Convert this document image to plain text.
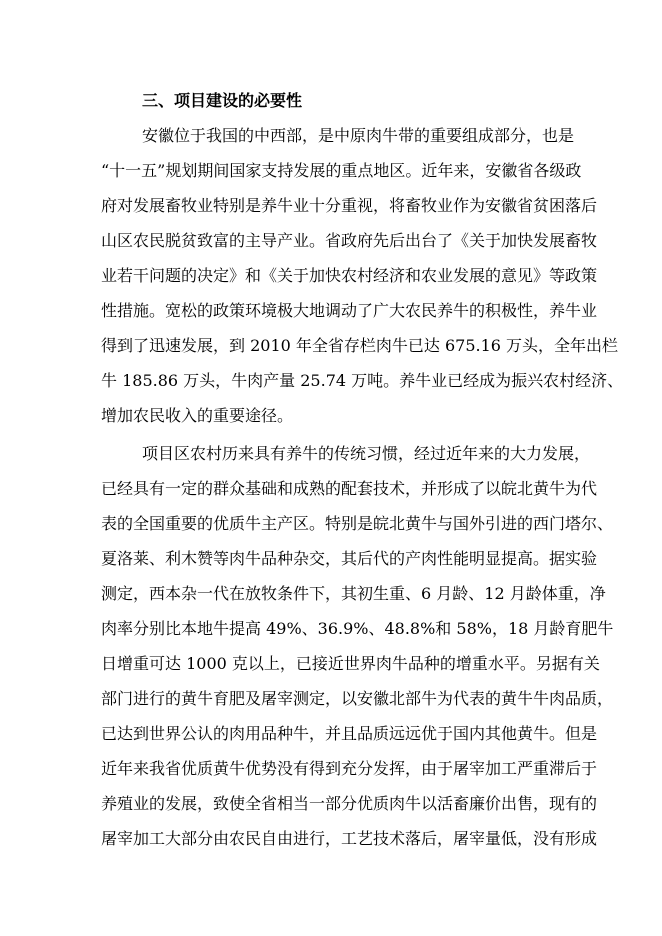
三、项目建设的必要性
安徽位于我国的中西部，是中原肉牛带的重要组成部分，也是
“十一五”规划期间国家支持发展的重点地区。近年来，安徽省各级政
府对发展畜牧业特别是养牛业十分重视，将畜牧业作为安徽省贫困落后
山区农民脱贫致富的主导产业。省政府先后出台了《关于加快发展畜牧
业若干问题的决定》和《关于加快农村经济和农业发展的意见》等政策
性措施。宽松的政策环境极大地调动了广大农民养牛的积极性，养牛业
得到了迅速发展，到 2010 年全省存栏肉牛已达 675.16 万头，全年出栏
牛 185.86 万头，牛肉产量 25.74 万吨。养牛业已经成为振兴农村经济、
增加农民收入的重要途径。
项目区农村历来具有养牛的传统习惯，经过近年来的大力发展，
已经具有一定的群众基础和成熟的配套技术，并形成了以皖北黄牛为代
表的全国重要的优质牛主产区。特别是皖北黄牛与国外引进的西门塔尔、
夏洛莱、利木赞等肉牛品种杂交，其后代的产肉性能明显提高。据实验
测定，西本杂一代在放牧条件下，其初生重、6 月龄、12 月龄体重，净
肉率分别比本地牛提高 49%、36.9%、48.8%和 58%，18 月龄育肥牛
日增重可达 1000 克以上，已接近世界肉牛品种的增重水平。另据有关
部门进行的黄牛育肥及屠宰测定，以安徽北部牛为代表的黄牛牛肉品质，
已达到世界公认的肉用品种牛，并且品质远远优于国内其他黄牛。但是
近年来我省优质黄牛优势没有得到充分发挥，由于屠宰加工严重滞后于
养殖业的发展，致使全省相当一部分优质肉牛以活畜廉价出售，现有的
屠宰加工大部分由农民自由进行，工艺技术落后，屠宰量低，没有形成
